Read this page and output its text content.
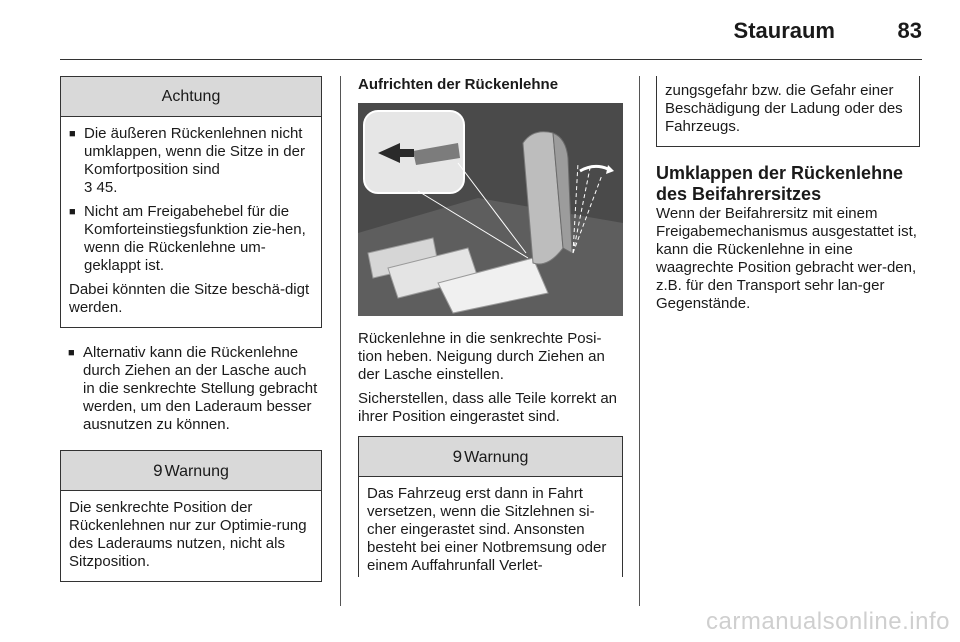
Stauraum	83
Achtung
■ Die äußeren Rückenlehnen nicht umklappen, wenn die Sitze in der Komfortposition sind
3 45.
■ Nicht am Freigabehebel für die Komforteinstiegsfunktion zie-hen, wenn die Rückenlehne um-geklappt ist.

Dabei könnten die Sitze beschä-digt werden.

■ Alternativ kann die Rückenlehne durch Ziehen an der Lasche auch in die senkrechte Stellung gebracht werden, um den Laderaum besser ausnutzen zu können.
9 Warnung

Die senkrechte Position der Rückenlehnen nur zur Optimie-rung des Laderaums nutzen, nicht als Sitzposition.

Aufrichten der Rückenlehne

Rückenlehne in die senkrechte Posi-tion heben. Neigung durch Ziehen an der Lasche einstellen.

Sicherstellen, dass alle Teile korrekt an ihrer Position eingerastet sind.

9 Warnung

Das Fahrzeug erst dann in Fahrt versetzen, wenn die Sitzlehnen si-cher eingerastet sind. Ansonsten besteht bei einer Notbremsung oder einem Auffahrunfall Verlet-

zungsgefahr bzw. die Gefahr einer Beschädigung der Ladung oder des Fahrzeugs.

Umklappen der Rückenlehne des Beifahrersitzes

Wenn der Beifahrersitz mit einem Freigabemechanismus ausgestattet ist, kann die Rückenlehne in eine waagrechte Position gebracht wer-den, z.B. für den Transport sehr lan-ger Gegenstände.

carmanualsonline.info
